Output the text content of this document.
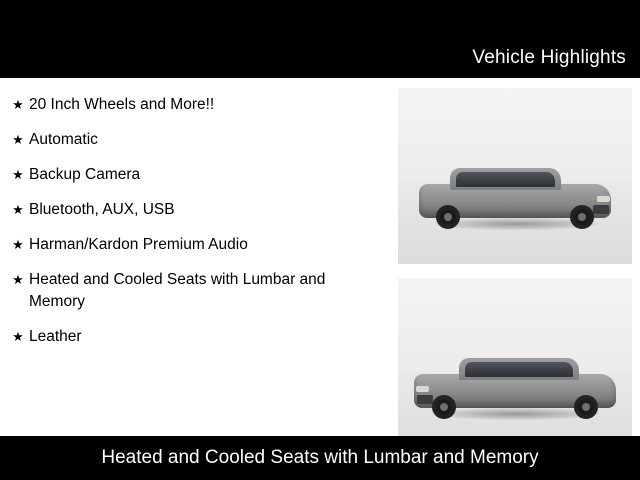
Vehicle Highlights
★ 20 Inch Wheels and More!!
★ Automatic
★ Backup Camera
★ Bluetooth, AUX, USB
★ Harman/Kardon Premium Audio
★ Heated and Cooled Seats with Lumbar and Memory
★ Leather
Heated and Cooled Seats with Lumbar and Memory
